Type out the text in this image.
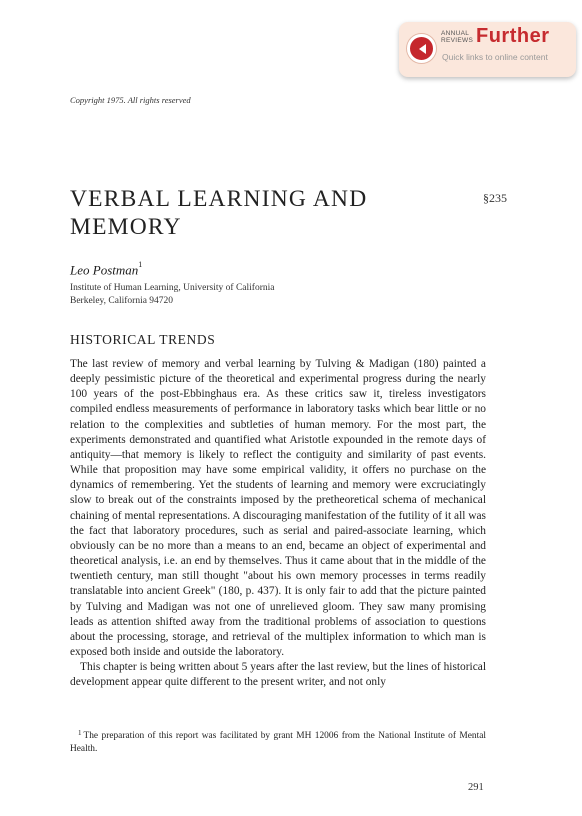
ANNUAL
REVIEWS Further
Quick links to online content
Copyright 1975. All rights reserved
VERBAL LEARNING AND
MEMORY
§235
Leo Postman$^1$
Institute of Human Learning, University of California
Berkeley, California 94720
HISTORICAL TRENDS

The last review of memory and verbal learning by Tulving & Madigan (180) painted a deeply pessimistic picture of the theoretical and experimental progress during the nearly 100 years of the post-Ebbinghaus era. As these critics saw it, tireless investigators compiled endless measurements of performance in laboratory tasks which bear little or no relation to the complexities and subtleties of human memory. For the most part, the experiments demonstrated and quantified what Aristotle expounded in the remote days of antiquity—that memory is likely to reflect the contiguity and similarity of past events. While that proposition may have some empirical validity, it offers no purchase on the dynamics of remembering. Yet the students of learning and memory were excruciatingly slow to break out of the constraints imposed by the pretheoretical schema of mechanical chaining of mental representations. A discouraging manifestation of the futility of it all was the fact that laboratory procedures, such as serial and paired-associate learning, which obviously can be no more than a means to an end, became an object of experimental and theoretical analysis, i.e. an end by themselves. Thus it came about that in the middle of the twentieth century, man still thought "about his own memory processes in terms readily translatable into ancient Greek" (180, p. 437). It is only fair to add that the picture painted by Tulving and Madigan was not one of unrelieved gloom. They saw many promising leads as attention shifted away from the traditional problems of association to questions about the processing, storage, and retrieval of the multiplex information to which man is exposed both inside and outside the laboratory.

This chapter is being written about 5 years after the last review, but the lines of historical development appear quite different to the present writer, and not only

$^1$ The preparation of this report was facilitated by grant MH 12006 from the National Institute of Mental Health.
291
